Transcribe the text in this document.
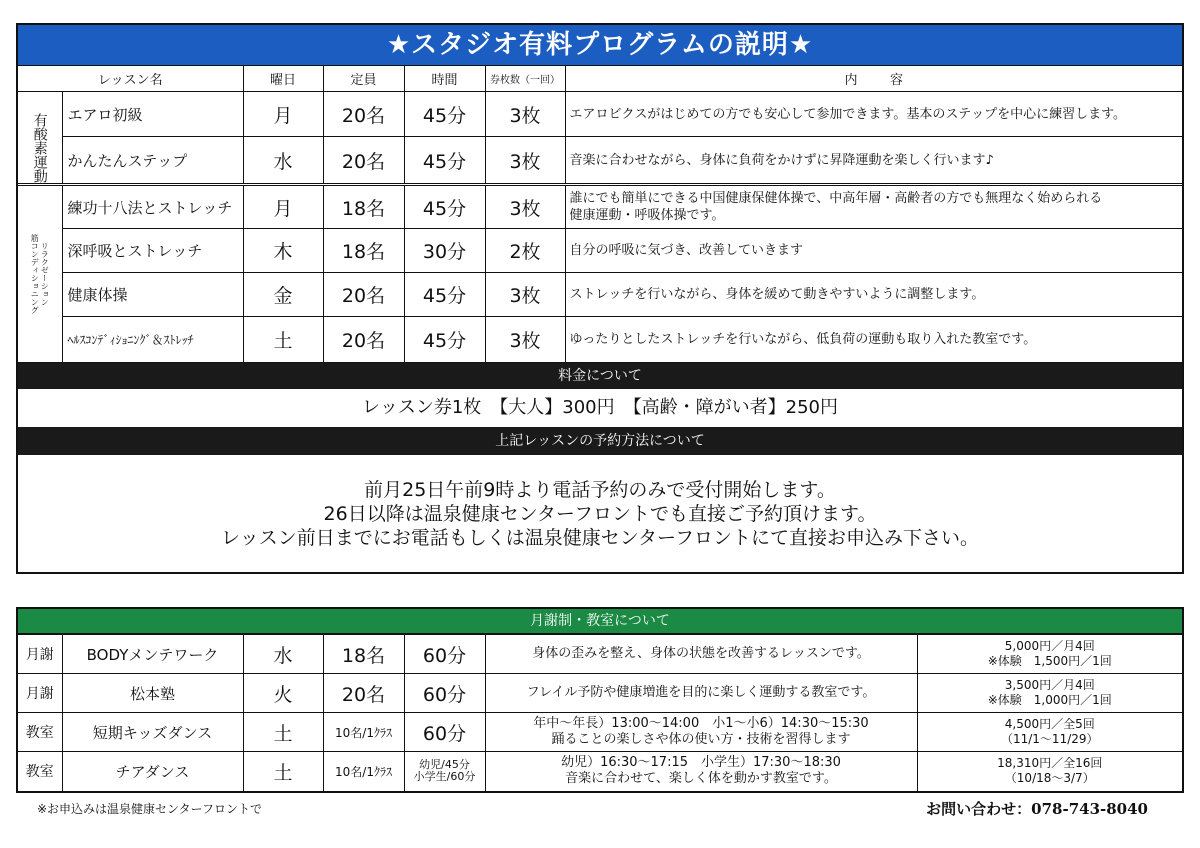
★スタジオ有料プログラムの説明★
レッスン名		曜日	定員	時間	券枚数（一回）	内容

有酸素運動	エアロ初級	月	20名	45分	3枚	エアロビクスがはじめての方でも安心して参加できます。基本のステップを中心に練習します。

	かんたんステップ	水	20名	45分	3枚	音楽に合わせながら、身体に負荷をかけずに昇降運動を楽しく行います♪

筋コンディショニング リラクゼーション	練功十八法とストレッチ	月	18名	45分	3枚	誰にでも簡単にできる中国健康保健体操で、中高年層・高齢者の方でも無理なく始められる
健康運動・呼吸体操です。

	深呼吸とストレッチ	木	18名	30分	2枚	自分の呼吸に気づき、改善していきます

	健康体操	金	20名	45分	3枚	ストレッチを行いながら、身体を緩めて動きやすいように調整します。

	ﾍﾙｽｺﾝﾃﾞｨｼｮﾆﾝｸﾞ＆ｽﾄﾚｯﾁ	土	20名	45分	3枚	ゆったりとしたストレッチを行いながら、低負荷の運動も取り入れた教室です。
料金について
レッスン券1枚　【大人】300円　【高齢・障がい者】250円
上記レッスンの予約方法について
前月25日午前9時より電話予約のみで受付開始します。
26日以降は温泉健康センターフロントでも直接ご予約頂けます。
レッスン前日までにお電話もしくは温泉健康センターフロントにて直接お申込み下さい。
月謝制・教室について
月謝	BODYメンテワーク	水	18名	60分	身体の歪みを整え、身体の状態を改善するレッスンです。	5,000円／月4回
※体験　1,500円／1回

月謝	松本塾	火	20名	60分	フレイル予防や健康増進を目的に楽しく運動する教室です。	3,500円／月4回
※体験　1,000円／1回

教室	短期キッズダンス	土	10名/1ｸﾗｽ	60分	年中～年長）13:00～14:00　小1～小6）14:30～15:30
踊ることの楽しさや体の使い方・技術を習得します	4,500円／全5回
（11/1～11/29）

教室	チアダンス	土	10名/1ｸﾗｽ	幼児/45分
小学生/60分	幼児）16:30～17:15　小学生）17:30～18:30
音楽に合わせて、楽しく体を動かす教室です。	18,310円／全16回
（10/18～3/7）
※お申込みは温泉健康センターフロントで	お問い合わせ：078-743-8040
